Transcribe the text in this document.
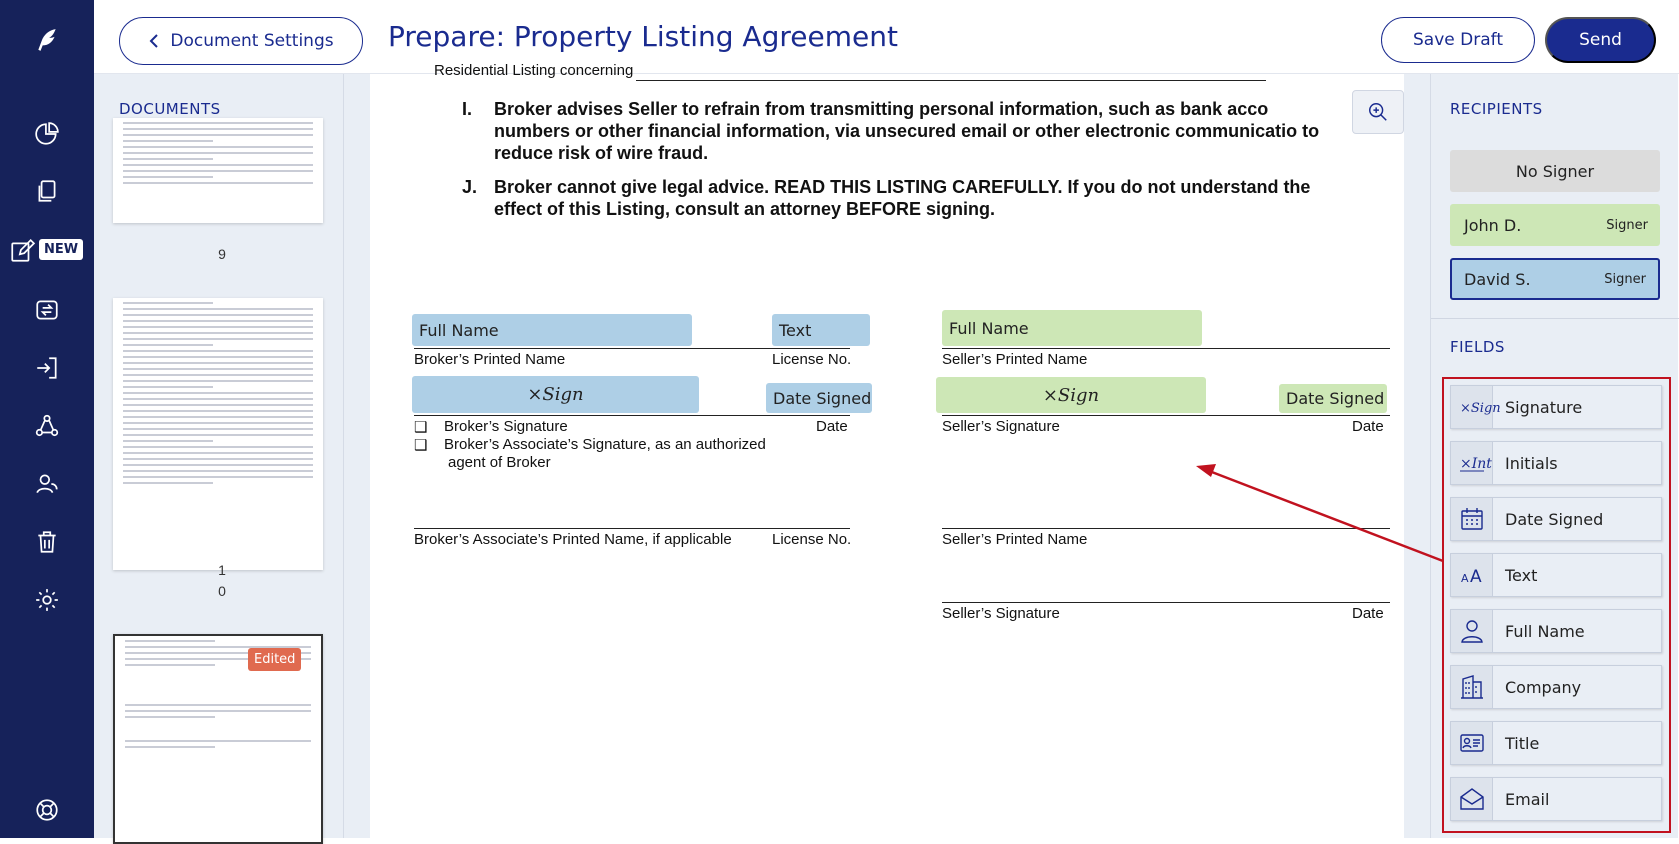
NEW
Document Settings Prepare: Property Listing Agreement	Save Draft	Send
DOCUMENTS
9
1
0
Edited
Residential Listing concerning
I. Broker advises Seller to refrain from transmitting personal information, such as bank acco numbers or other financial information, via unsecured email or other electronic communicatio to reduce risk of wire fraud.
J. Broker cannot give legal advice. READ THIS LISTING CAREFULLY. If you do not understand the effect of this Listing, consult an attorney BEFORE signing.
Full Name	Text	Full Name
Broker’s Printed Name	License No.	Seller’s Printed Name
×Sign	Date Signed	×Sign	Date Signed
❑ Broker’s Signature	Date	Seller’s Signature	Date
❑ Broker’s Associate’s Signature, as an authorized
agent of Broker
Broker’s Associate’s Printed Name, if applicable	License No.	Seller’s Printed Name
Seller’s Signature	Date
RECIPIENTS
No Signer
John D.	Signer
David S.	Signer
FIELDS
×Sign Signature
×Int Initials
Date Signed
A A Text
Full Name
Company
Title
Email
